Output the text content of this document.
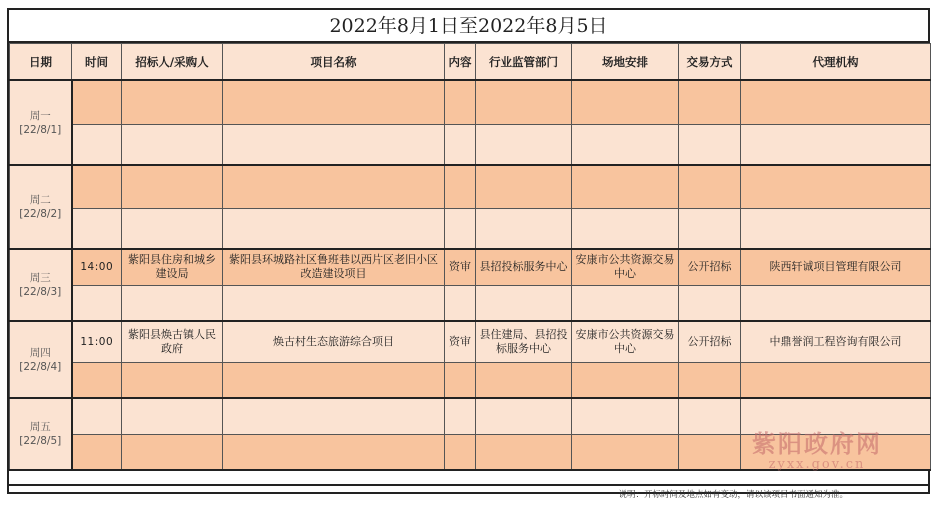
2022年8月1日至2022年8月5日
日期	时间	招标人/采购人	项目名称	内容	行业监管部门	场地安排	交易方式	代理机构

周一
[22/8/1]								

周二
[22/8/2]								

周三
[22/8/3]	14:00	紫阳县住房和城乡建设局	紫阳县环城路社区鲁班巷以西片区老旧小区改造建设项目	资审	县招投标服务中心	安康市公共资源交易中心	公开招标	陕西轩诚项目管理有限公司

周四
[22/8/4]	11:00	紫阳县焕古镇人民政府	焕古村生态旅游综合项目	资审	县住建局、县招投标服务中心	安康市公共资源交易中心	公开招标	中鼎誉润工程咨询有限公司

周五
[22/8/5]								

说明：开标时间及地点如有变动，请以该项目书面通知为准。
紫阳政府网
zyxx.gov.cn
